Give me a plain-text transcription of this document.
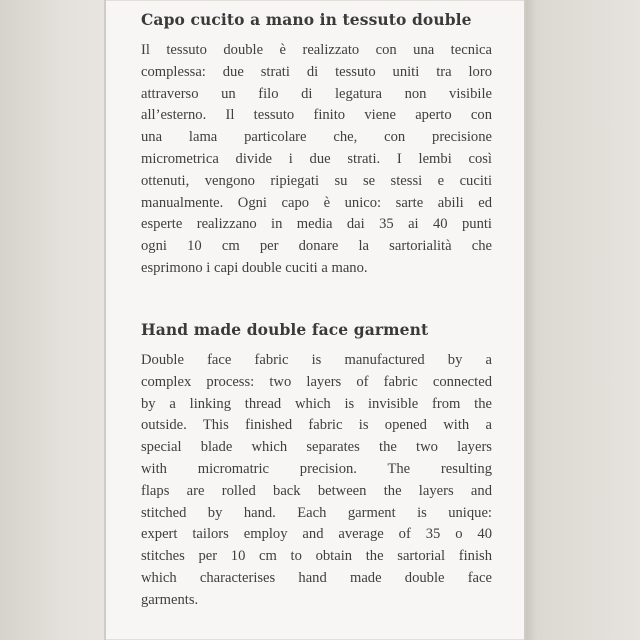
Capo cucito a mano in tessuto double
Il tessuto double è realizzato con una tecnica
complessa: due strati di tessuto uniti tra loro
attraverso un filo di legatura non visibile
all’esterno. Il tessuto finito viene aperto con
una lama particolare che, con precisione
micrometrica divide i due strati. I lembi così
ottenuti, vengono ripiegati su se stessi e cuciti
manualmente. Ogni capo è unico: sarte abili ed
esperte realizzano in media dai 35 ai 40 punti
ogni 10 cm per donare la sartorialità che
esprimono i capi double cuciti a mano.
Hand made double face garment
Double face fabric is manufactured by a
complex process: two layers of fabric connected
by a linking thread which is invisible from the
outside. This finished fabric is opened with a
special blade which separates the two layers
with micromatric precision. The resulting
flaps are rolled back between the layers and
stitched by hand. Each garment is unique:
expert tailors employ and average of 35 o 40
stitches per 10 cm to obtain the sartorial finish
which characterises hand made double face
garments.
